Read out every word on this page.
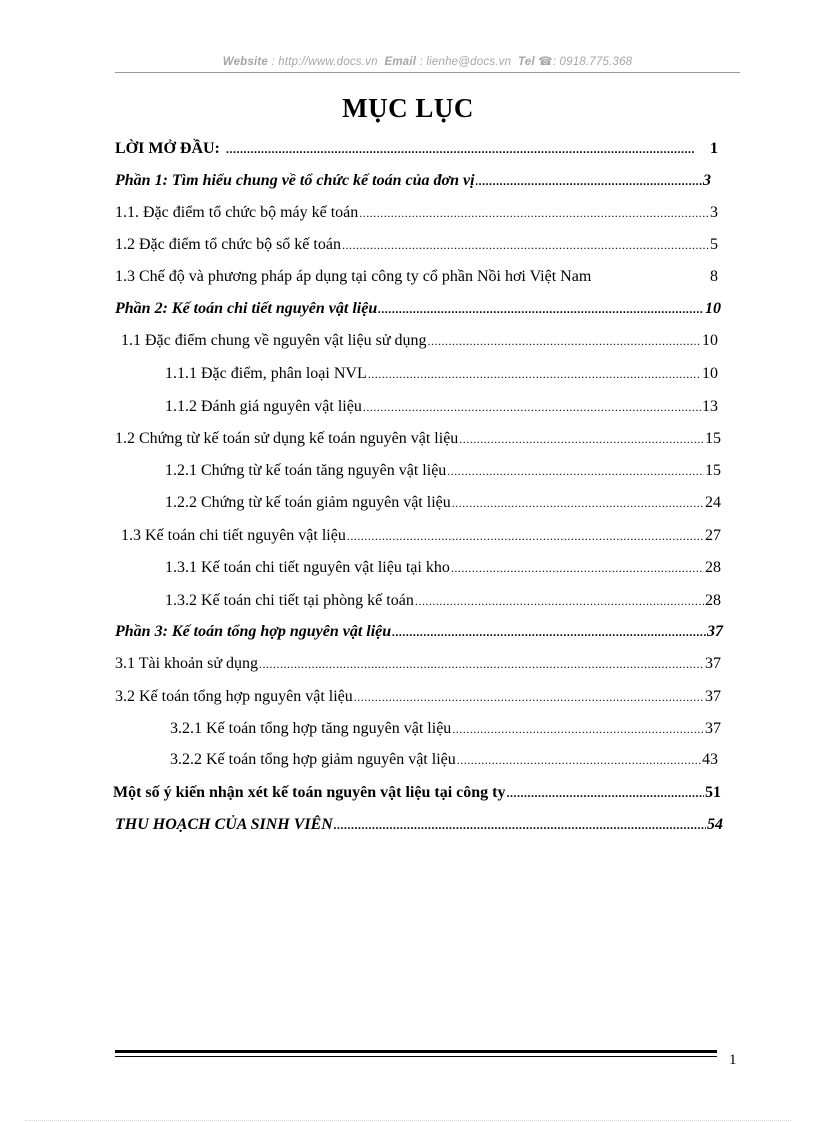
Website : http://www.docs.vn Email : lienhe@docs.vn Tel ☎: 0918.775.368
MỤC LỤC
LỜI MỞ ĐẦU: .....	1
Phần 1: Tìm hiểu chung về tổ chức kế toán của đơn vị .....	3
1.1. Đặc điểm tổ chức bộ máy kế toán .....	3
1.2 Đặc điểm tổ chức bộ sổ kế toán .....	5
1.3 Chế độ và phương pháp áp dụng tại công ty cổ phần Nồi hơi Việt Nam	8
Phần 2: Kế toán chi tiết nguyên vật liệu .....	10
1.1 Đặc điểm chung về nguyên vật liệu sử dụng .....	10
1.1.1 Đặc điểm, phân loại NVL .....	10
1.1.2 Đánh giá nguyên vật liệu .....	13
1.2 Chứng từ kế toán sử dụng kế toán nguyên vật liệu .....	15
1.2.1 Chứng từ kế toán tăng nguyên vật liệu .....	15
1.2.2 Chứng từ kế toán giảm nguyên vật liệu .....	24
1.3 Kế toán chi tiết nguyên vật liệu .....	27
1.3.1 Kế toán chi tiết nguyên vật liệu tại kho .....	28
1.3.2 Kế toán chi tiết tại phòng kế toán .....	28
Phần 3: Kế toán tổng hợp nguyên vật liệu .....	37
3.1 Tài khoản sử dụng .....	37
3.2 Kế toán tổng hợp nguyên vật liệu .....	37
3.2.1 Kế toán tổng hợp tăng nguyên vật liệu .....	37
3.2.2 Kế toán tổng hợp giảm nguyên vật liệu .....	43
Một số ý kiến nhận xét kế toán nguyên vật liệu tại công ty .....	51
THU HOẠCH CỦA SINH VIÊN .....	54
1
